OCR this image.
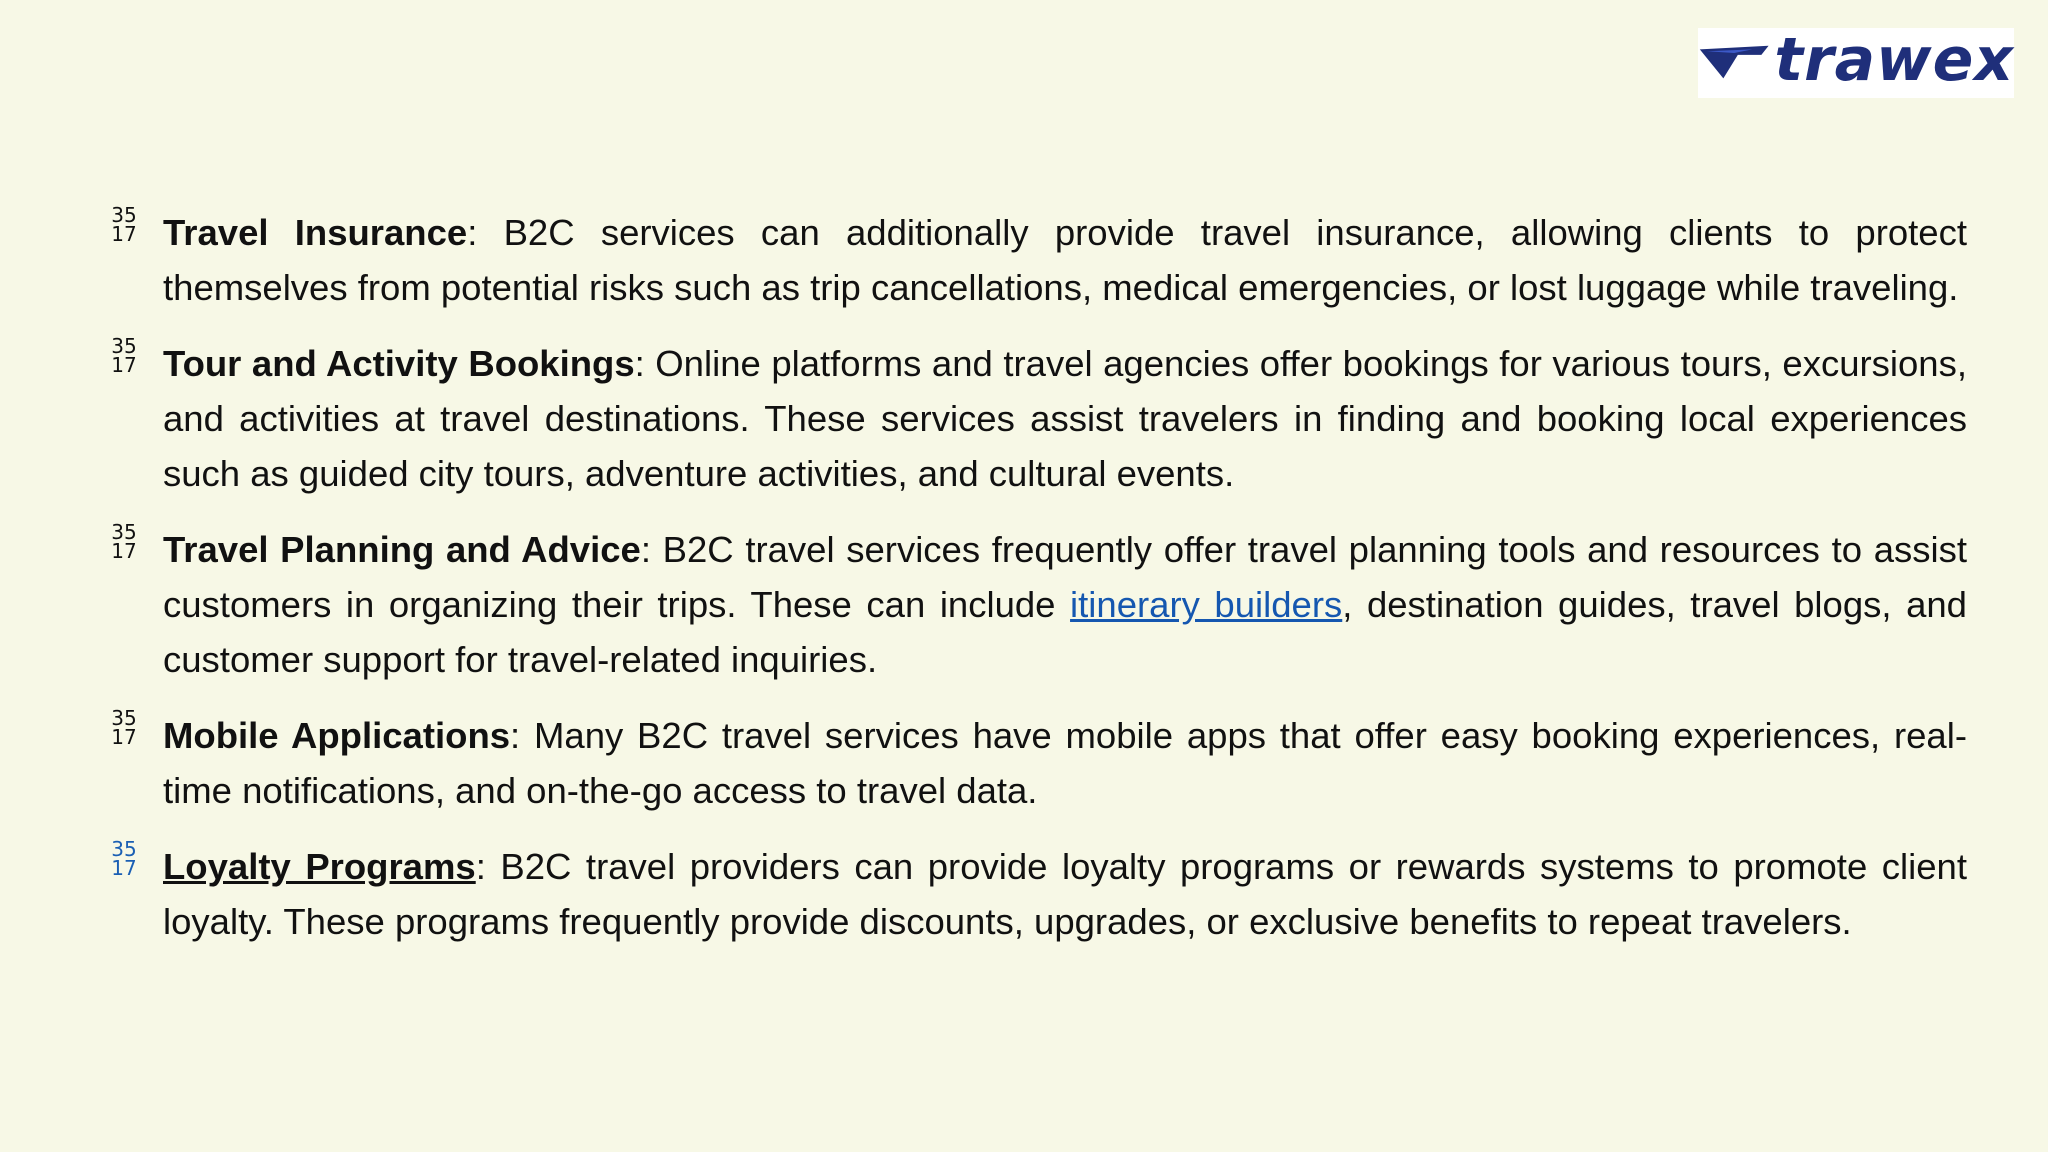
trawex
35
17 Travel Insurance: B2C services can additionally provide travel insurance, allowing clients to protect themselves from potential risks such as trip cancellations, medical emergencies, or lost luggage while traveling.
35
17 Tour and Activity Bookings: Online platforms and travel agencies offer bookings for various tours, excursions, and activities at travel destinations. These services assist travelers in finding and booking local experiences such as guided city tours, adventure activities, and cultural events.
35
17 Travel Planning and Advice: B2C travel services frequently offer travel planning tools and resources to assist customers in organizing their trips. These can include itinerary builders, destination guides, travel blogs, and customer support for travel-related inquiries.
35
17 Mobile Applications: Many B2C travel services have mobile apps that offer easy booking experiences, real-time notifications, and on-the-go access to travel data.
35
17 Loyalty Programs: B2C travel providers can provide loyalty programs or rewards systems to promote client loyalty. These programs frequently provide discounts, upgrades, or exclusive benefits to repeat travelers.
